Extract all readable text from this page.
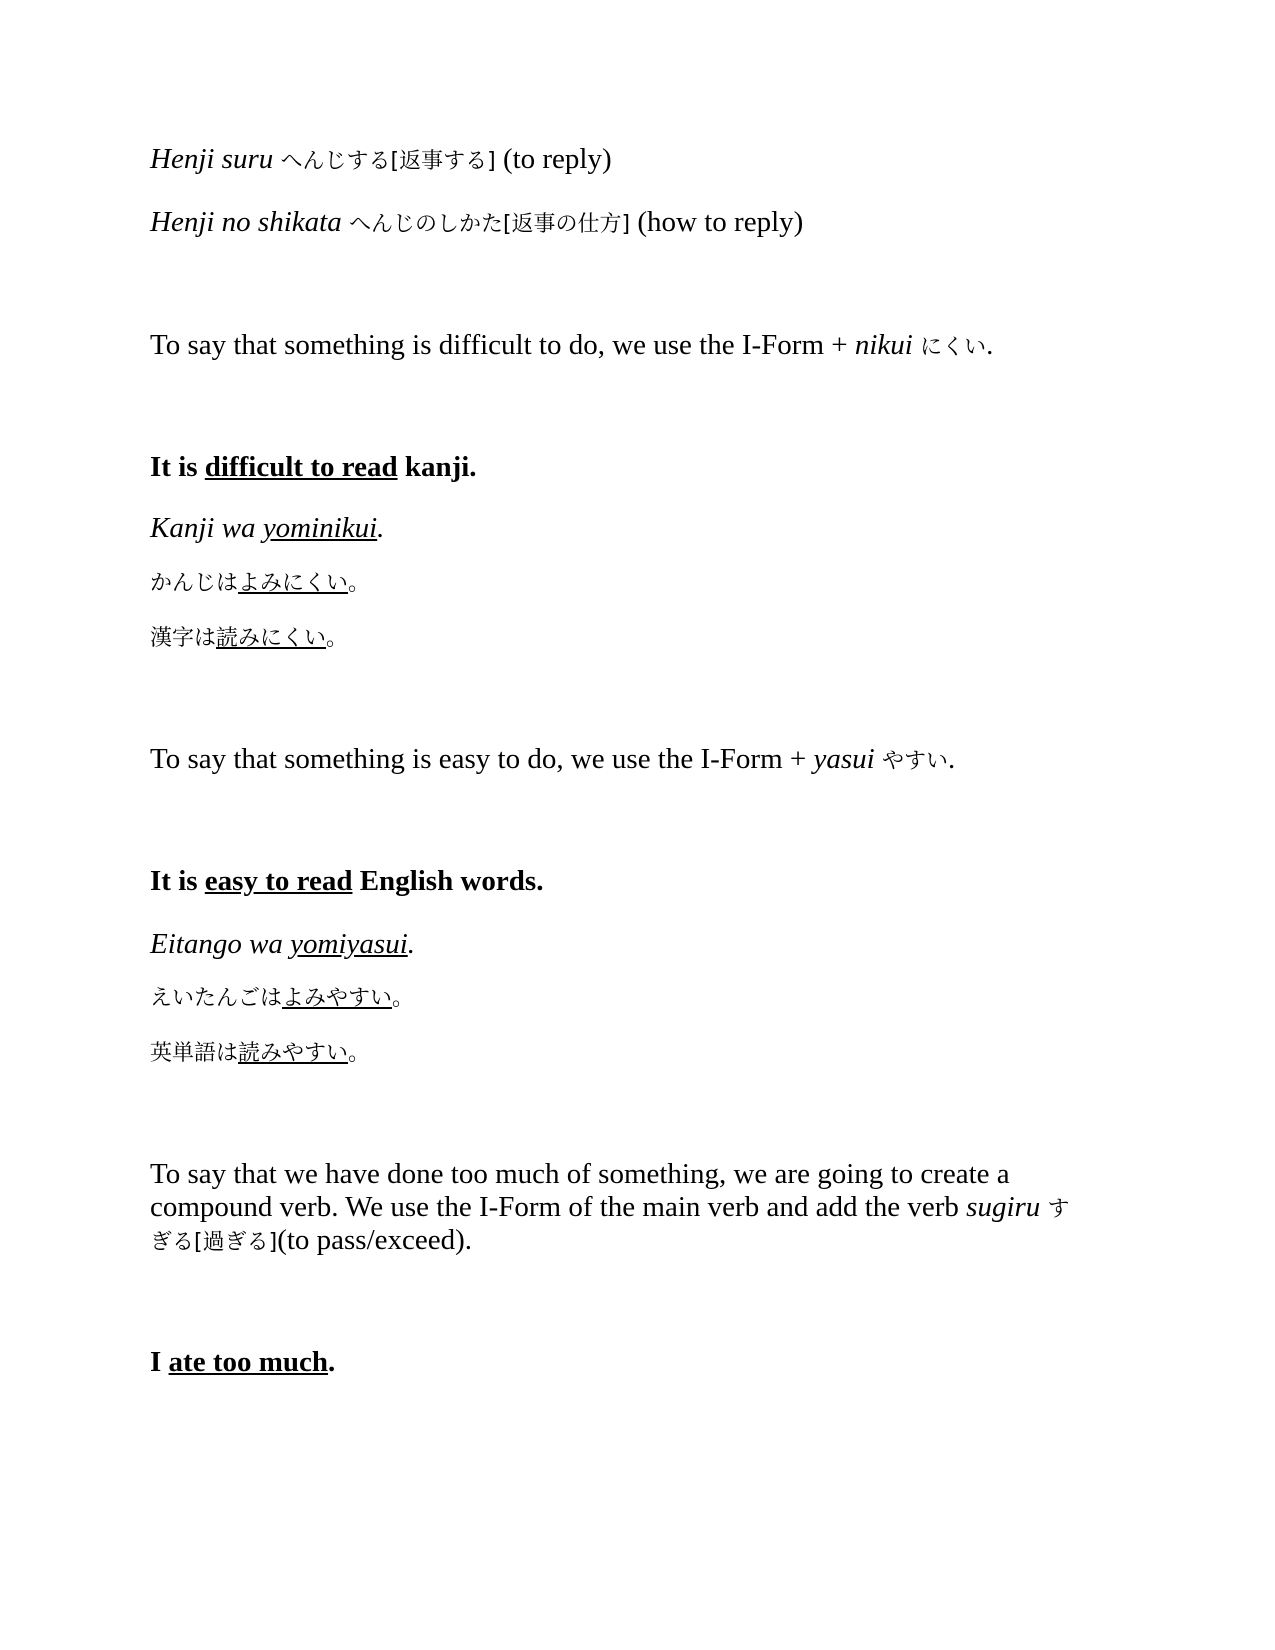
Henji suru へんじする[返事する] (to reply)
Henji no shikata へんじのしかた[返事の仕方] (how to reply)
To say that something is difficult to do, we use the I-Form + nikui にくい.
It is difficult to read kanji.
Kanji wa yominikui.
かんじはよみにくい。
漢字は読みにくい。
To say that something is easy to do, we use the I-Form + yasui やすい.
It is easy to read English words.
Eitango wa yomiyasui.
えいたんごはよみやすい。
英単語は読みやすい。
To say that we have done too much of something, we are going to create a
compound verb. We use the I-Form of the main verb and add the verb sugiru す
ぎる[過ぎる](to pass/exceed).
I ate too much.
